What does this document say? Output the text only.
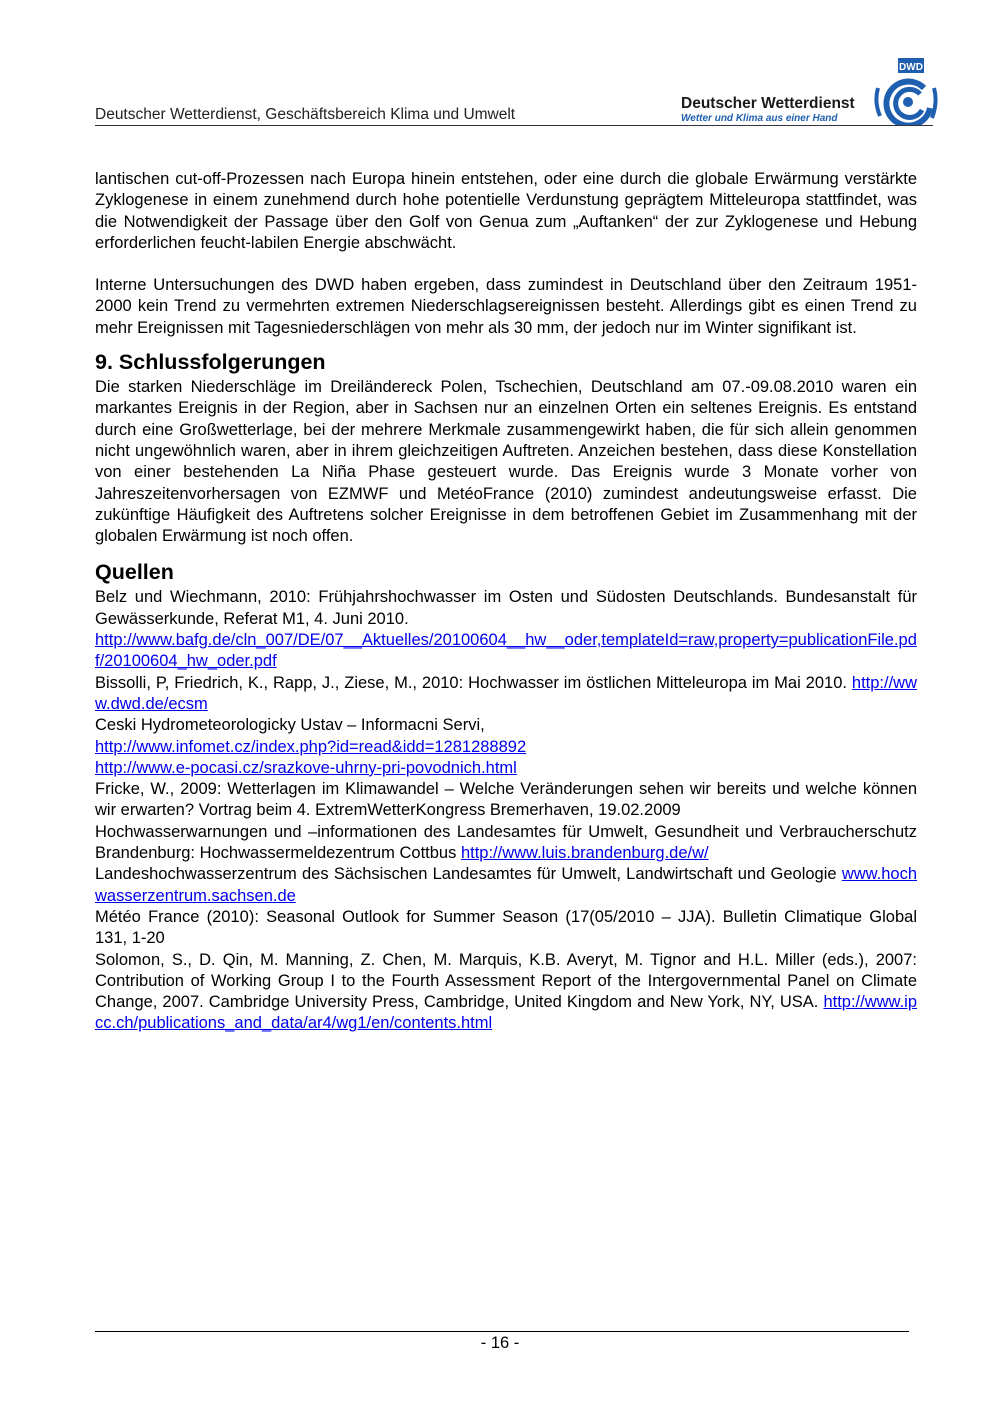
Deutscher Wetterdienst, Geschäftsbereich Klima und Umwelt
Deutscher Wetterdienst
Wetter und Klima aus einer Hand
DWD

lantischen cut-off-Prozessen nach Europa hinein entstehen, oder eine durch die globale Erwärmung verstärkte Zyklogenese in einem zunehmend durch hohe potentielle Verdunstung geprägtem Mitteleuropa stattfindet, was die Notwendigkeit der Passage über den Golf von Genua zum „Auftanken“ der zur Zyklogenese und Hebung erforderlichen feucht-labilen Energie abschwächt.

Interne Untersuchungen des DWD haben ergeben, dass zumindest in Deutschland über den Zeitraum 1951-2000 kein Trend zu vermehrten extremen Niederschlagsereignissen besteht. Allerdings gibt es einen Trend zu mehr Ereignissen mit Tagesniederschlägen von mehr als 30 mm, der jedoch nur im Winter signifikant ist.

9. Schlussfolgerungen

Die starken Niederschläge im Dreiländereck Polen, Tschechien, Deutschland am 07.-09.08.2010 waren ein markantes Ereignis in der Region, aber in Sachsen nur an einzelnen Orten ein seltenes Ereignis. Es entstand durch eine Großwetterlage, bei der mehrere Merkmale zusammengewirkt haben, die für sich allein genommen nicht ungewöhnlich waren, aber in ihrem gleichzeitigen Auftreten. Anzeichen bestehen, dass diese Konstellation von einer bestehenden La Niña Phase gesteuert wurde. Das Ereignis wurde 3 Monate vorher von Jahreszeitenvorhersagen von EZMWF und MetéoFrance (2010) zumindest andeutungsweise erfasst. Die zukünftige Häufigkeit des Auftretens solcher Ereignisse in dem betroffenen Gebiet im Zusammenhang mit der globalen Erwärmung ist noch offen.

Quellen

Belz und Wiechmann, 2010: Frühjahrshochwasser im Osten und Südosten Deutschlands. Bundesanstalt für Gewässerkunde, Referat M1, 4. Juni 2010.
http://www.bafg.de/cln_007/DE/07__Aktuelles/20100604__hw__oder,templateId=raw,property=publicationFile.pdf/20100604_hw_oder.pdf

Bissolli, P, Friedrich, K., Rapp, J., Ziese, M., 2010: Hochwasser im östlichen Mitteleuropa im Mai 2010. http://www.dwd.de/ecsm

Ceski Hydrometeorologicky Ustav – Informacni Servi,
http://www.infomet.cz/index.php?id=read&idd=1281288892

http://www.e-pocasi.cz/srazkove-uhrny-pri-povodnich.html

Fricke, W., 2009: Wetterlagen im Klimawandel – Welche Veränderungen sehen wir bereits und welche können wir erwarten? Vortrag beim 4. ExtremWetterKongress Bremerhaven, 19.02.2009

Hochwasserwarnungen und –informationen des Landesamtes für Umwelt, Gesundheit und Verbraucherschutz Brandenburg: Hochwassermeldezentrum Cottbus http://www.luis.brandenburg.de/w/

Landeshochwasserzentrum des Sächsischen Landesamtes für Umwelt, Landwirtschaft und Geologie www.hochwasserzentrum.sachsen.de

Météo France (2010): Seasonal Outlook for Summer Season (17(05/2010 – JJA). Bulletin Climatique Global 131, 1-20

Solomon, S., D. Qin, M. Manning, Z. Chen, M. Marquis, K.B. Averyt, M. Tignor and H.L. Miller (eds.), 2007: Contribution of Working Group I to the Fourth Assessment Report of the Intergovernmental Panel on Climate Change, 2007. Cambridge University Press, Cambridge, United Kingdom and New York, NY, USA. http://www.ipcc.ch/publications_and_data/ar4/wg1/en/contents.html

- 16 -
